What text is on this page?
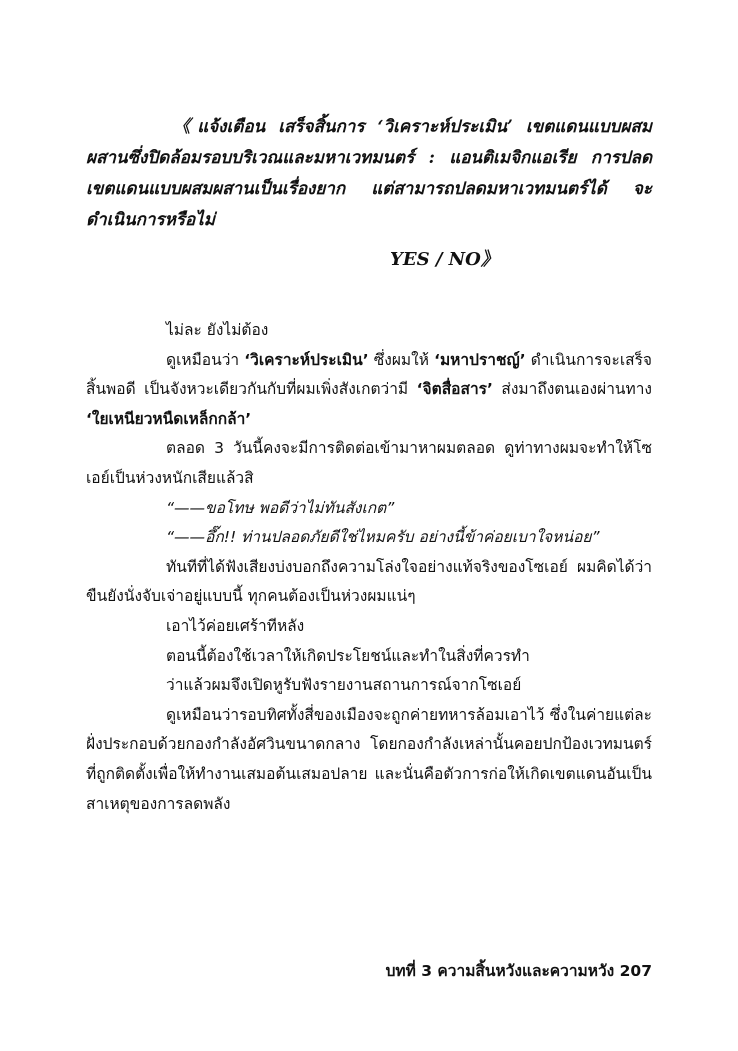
《แจ้งเตือน เสร็จสิ้นการ ‘วิเคราะห์ประเมิน’ เขตแดนแบบผสมผสานซึ่งปิดล้อมรอบบริเวณและมหาเวทมนตร์ : แอนติเมจิกแอเรีย การปลดเขตแดนแบบผสมผสานเป็นเรื่องยาก แต่สามารถปลดมหาเวทมนตร์ได้ จะดำเนินการหรือไม่
YES / NO》

ไม่ละ ยังไม่ต้อง

ดูเหมือนว่า ‘วิเคราะห์ประเมิน’ ซึ่งผมให้ ‘มหาปราชญ์’ ดำเนินการจะเสร็จสิ้นพอดี เป็นจังหวะเดียวกันกับที่ผมเพิ่งสังเกตว่ามี ‘จิตสื่อสาร’ ส่งมาถึงตนเองผ่านทาง ‘ใยเหนียวหนืดเหล็กกล้า’

ตลอด 3 วันนี้คงจะมีการติดต่อเข้ามาหาผมตลอด ดูท่าทางผมจะทำให้โซเอย์เป็นห่วงหนักเสียแล้วสิ

“——ขอโทษ พอดีว่าไม่ทันสังเกต”

“——อึ๊ก!! ท่านปลอดภัยดีใช่ไหมครับ อย่างนี้ข้าค่อยเบาใจหน่อย”

ทันทีที่ได้ฟังเสียงบ่งบอกถึงความโล่งใจอย่างแท้จริงของโซเอย์ ผมคิดได้ว่าขืนยังนั่งจับเจ่าอยู่แบบนี้ ทุกคนต้องเป็นห่วงผมแน่ๆ

เอาไว้ค่อยเศร้าทีหลัง

ตอนนี้ต้องใช้เวลาให้เกิดประโยชน์และทำในสิ่งที่ควรทำ

ว่าแล้วผมจึงเปิดหูรับฟังรายงานสถานการณ์จากโซเอย์

ดูเหมือนว่ารอบทิศทั้งสี่ของเมืองจะถูกค่ายทหารล้อมเอาไว้ ซึ่งในค่ายแต่ละฝั่งประกอบด้วยกองกำลังอัศวินขนาดกลาง โดยกองกำลังเหล่านั้นคอยปกป้องเวทมนตร์ที่ถูกติดตั้งเพื่อให้ทำงานเสมอต้นเสมอปลาย และนั่นคือตัวการก่อให้เกิดเขตแดนอันเป็นสาเหตุของการลดพลัง

บทที่ 3 ความสิ้นหวังและความหวัง 207
